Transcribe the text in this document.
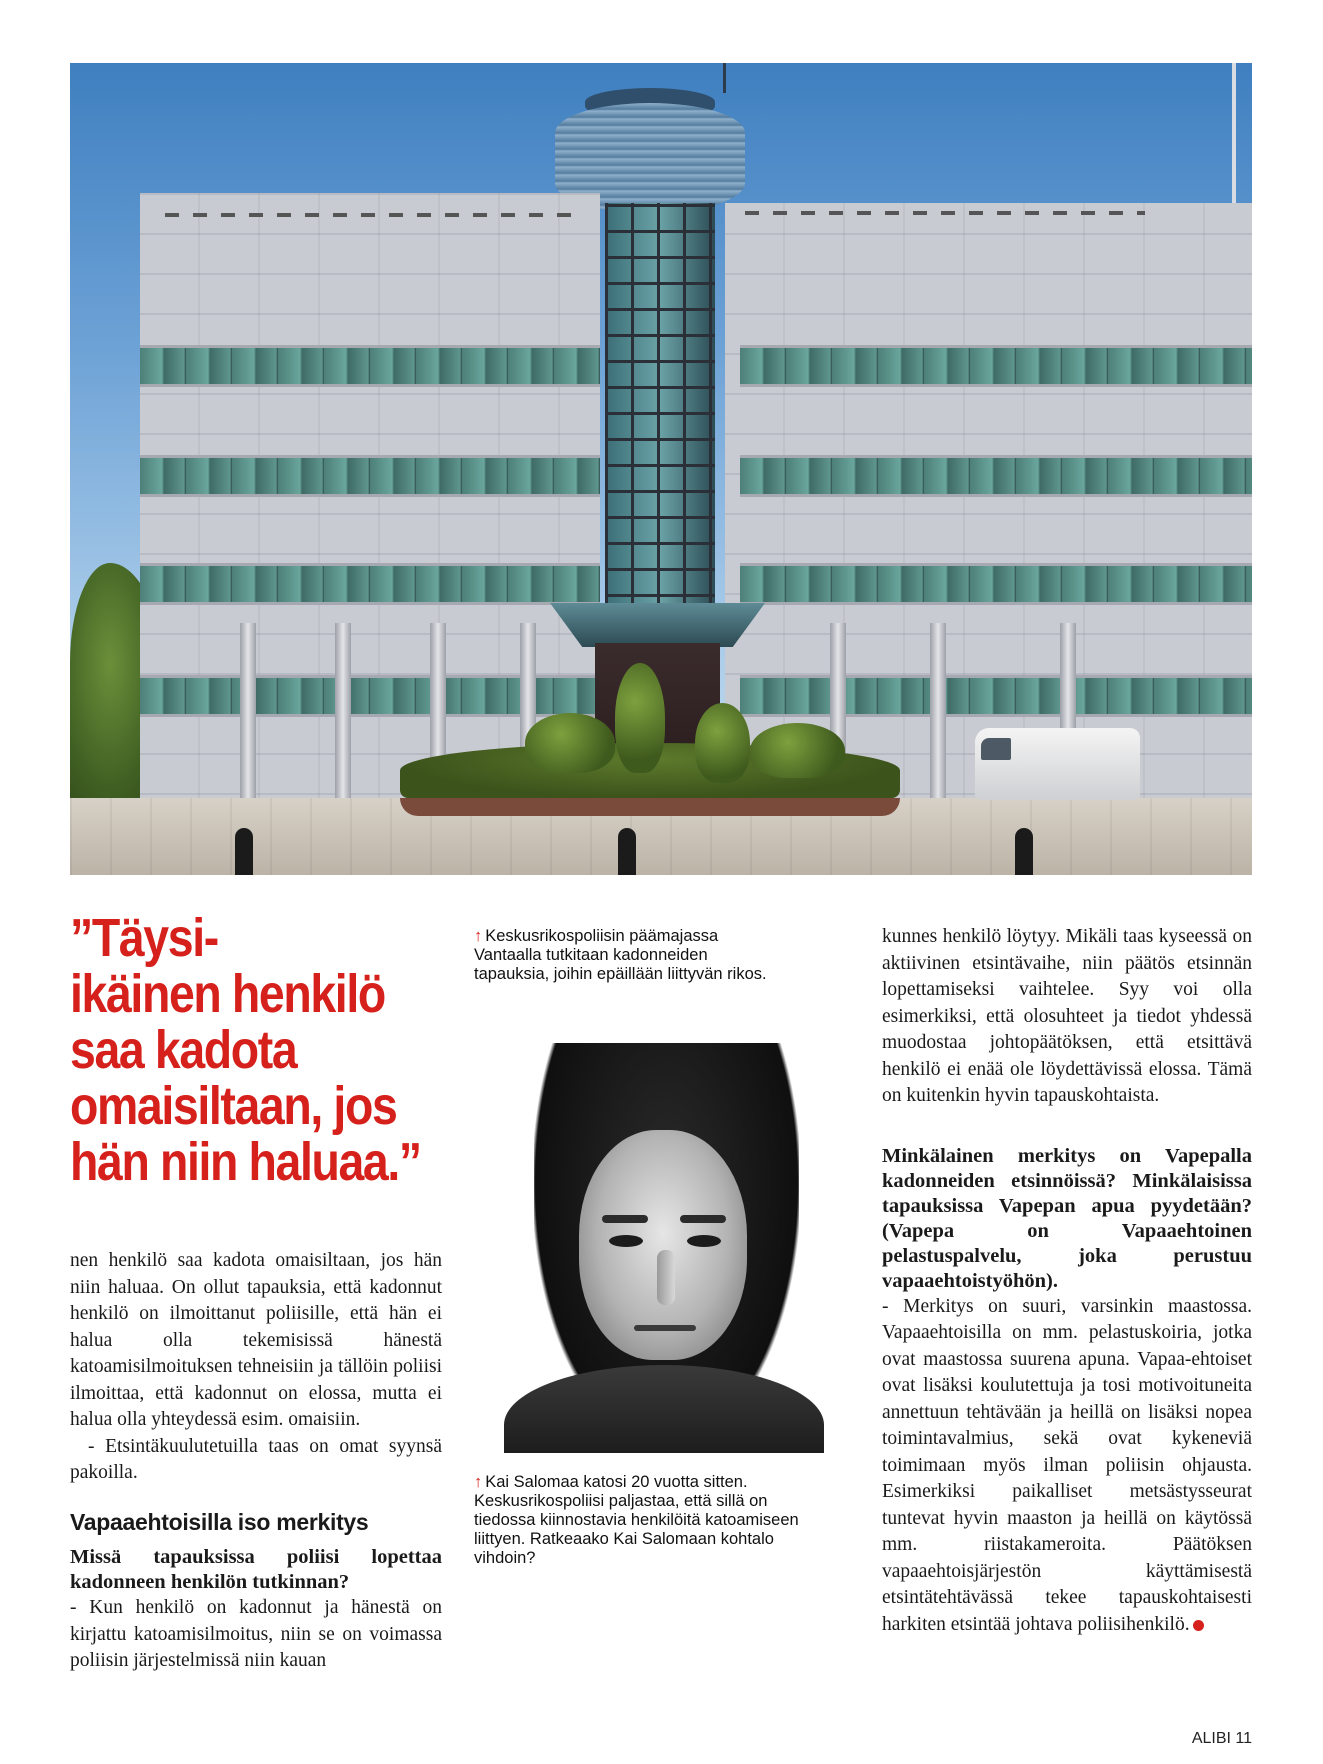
”Täysi-
ikäinen henkilö
saa kadota
omaisiltaan, jos
hän niin haluaa.”

nen henkilö saa kadota omaisiltaan, jos hän niin haluaa. On ollut tapauksia, että kadonnut henkilö on ilmoittanut poliisille, että hän ei halua olla tekemisissä hänestä katoamisilmoituksen tehneisiin ja tällöin poliisi ilmoittaa, että kadonnut on elossa, mutta ei halua olla yhteydessä esim. omaisiin.

- Etsintäkuulutetuilla taas on omat syynsä pakoilla.

Vapaaehtoisilla iso merkitys

Missä tapauksissa poliisi lopettaa kadonneen henkilön tutkinnan?

- Kun henkilö on kadonnut ja hänestä on kirjattu katoamisilmoitus, niin se on voimassa poliisin järjestelmissä niin kauan

↑ Keskusrikospoliisin päämajassa Vantaalla tutkitaan kadonneiden tapauksia, joihin epäillään liittyvän rikos.
↑ Kai Salomaa katosi 20 vuotta sitten. Keskusrikospoliisi paljastaa, että sillä on tiedossa kiinnostavia henkilöitä katoamiseen liittyen. Ratkeaako Kai Salomaan kohtalo vihdoin?

kunnes henkilö löytyy. Mikäli taas kyseessä on aktiivinen etsintävaihe, niin päätös etsinnän lopettamiseksi vaihtelee. Syy voi olla esimerkiksi, että olosuhteet ja tiedot yhdessä muodostaa johtopäätöksen, että etsittävä henkilö ei enää ole löydettävissä elossa. Tämä on kuitenkin hyvin tapauskohtaista.

Minkälainen merkitys on Vapepalla kadonneiden etsinnöissä? Minkälaisissa tapauksissa Vapepan apua pyydetään? (Vapepa on Vapaaehtoinen pelastuspalvelu, joka perustuu vapaaehtoistyöhön).

- Merkitys on suuri, varsinkin maastossa. Vapaaehtoisilla on mm. pelastuskoiria, jotka ovat maastossa suurena apuna. Vapaa-ehtoiset ovat lisäksi koulutettuja ja tosi motivoituneita annettuun tehtävään ja heillä on lisäksi nopea toimintavalmius, sekä ovat kykeneviä toimimaan myös ilman poliisin ohjausta. Esimerkiksi paikalliset metsästysseurat tuntevat hyvin maaston ja heillä on käytössä mm. riistakameroita. Päätöksen vapaaehtoisjärjestön käyttämisestä etsintätehtävässä tekee tapauskohtaisesti harkiten etsintää johtava poliisihenkilö.

ALIBI 11
